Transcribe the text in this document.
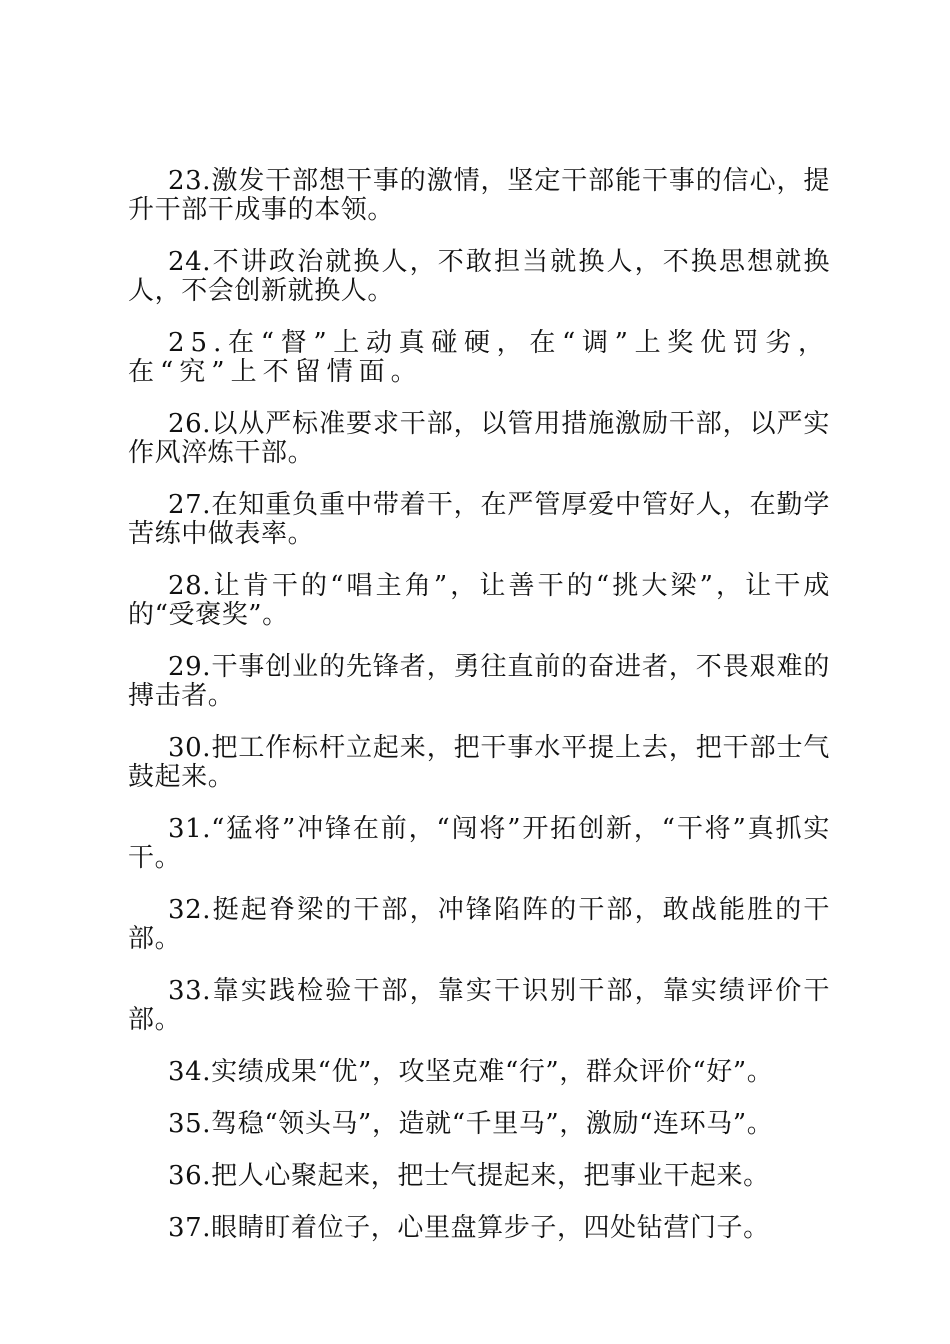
23.激发干部想干事的激情，坚定干部能干事的信心，提升干部干成事的本领。

24.不讲政治就换人，不敢担当就换人，不换思想就换人，不会创新就换人。

25.在“督”上动真碰硬，在“调”上奖优罚劣，在“究”上不留情面。

26.以从严标准要求干部，以管用措施激励干部，以严实作风淬炼干部。

27.在知重负重中带着干，在严管厚爱中管好人，在勤学苦练中做表率。

28.让肯干的“唱主角”，让善干的“挑大梁”，让干成的“受褒奖”。

29.干事创业的先锋者，勇往直前的奋进者，不畏艰难的搏击者。

30.把工作标杆立起来，把干事水平提上去，把干部士气鼓起来。

31.“猛将”冲锋在前，“闯将”开拓创新，“干将”真抓实干。

32.挺起脊梁的干部，冲锋陷阵的干部，敢战能胜的干部。

33.靠实践检验干部，靠实干识别干部，靠实绩评价干部。

34.实绩成果“优”，攻坚克难“行”，群众评价“好”。

35.驾稳“领头马”，造就“千里马”，激励“连环马”。

36.把人心聚起来，把士气提起来，把事业干起来。

37.眼睛盯着位子，心里盘算步子，四处钻营门子。
